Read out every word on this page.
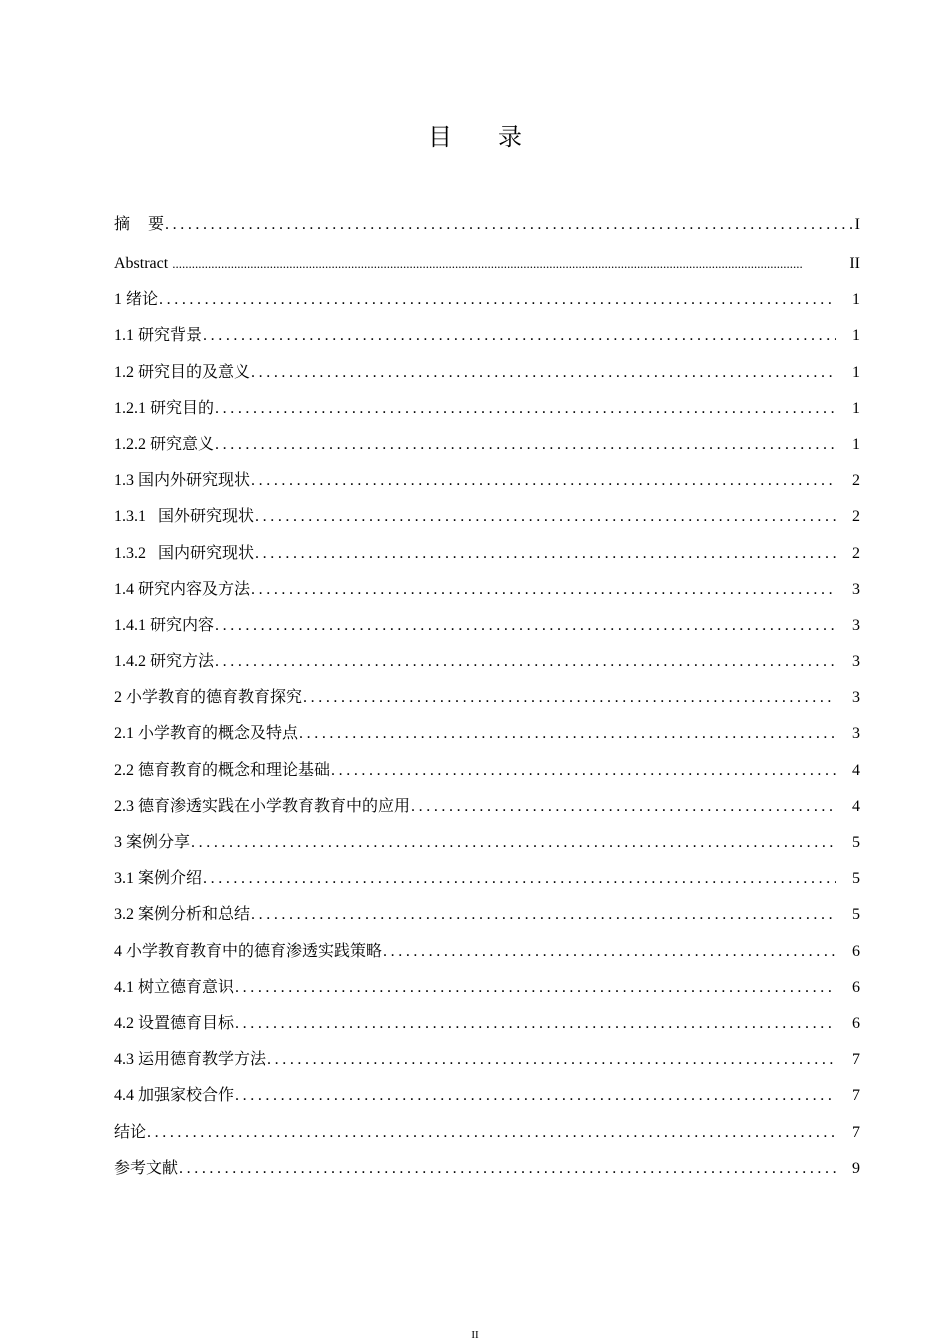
目 录
摘 要 .....	I
Abstract .....	II
1 绪论 .....	1
1.1 研究背景 .....	1
1.2 研究目的及意义 .....	1
1.2.1 研究目的 .....	1
1.2.2 研究意义 .....	1
1.3 国内外研究现状 .....	2
1.3.1   国外研究现状 .....	2
1.3.2   国内研究现状 .....	2
1.4 研究内容及方法 .....	3
1.4.1 研究内容 .....	3
1.4.2 研究方法 .....	3
2 小学教育的德育教育探究 .....	3
2.1 小学教育的概念及特点 .....	3
2.2 德育教育的概念和理论基础 .....	4
2.3 德育渗透实践在小学教育教育中的应用 .....	4
3 案例分享 .....	5
3.1 案例介绍 .....	5
3.2 案例分析和总结 .....	5
4 小学教育教育中的德育渗透实践策略 .....	6
4.1 树立德育意识 .....	6
4.2 设置德育目标 .....	6
4.3 运用德育教学方法 .....	7
4.4 加强家校合作 .....	7
结论 .....	7
参考文献 .....	9
II
